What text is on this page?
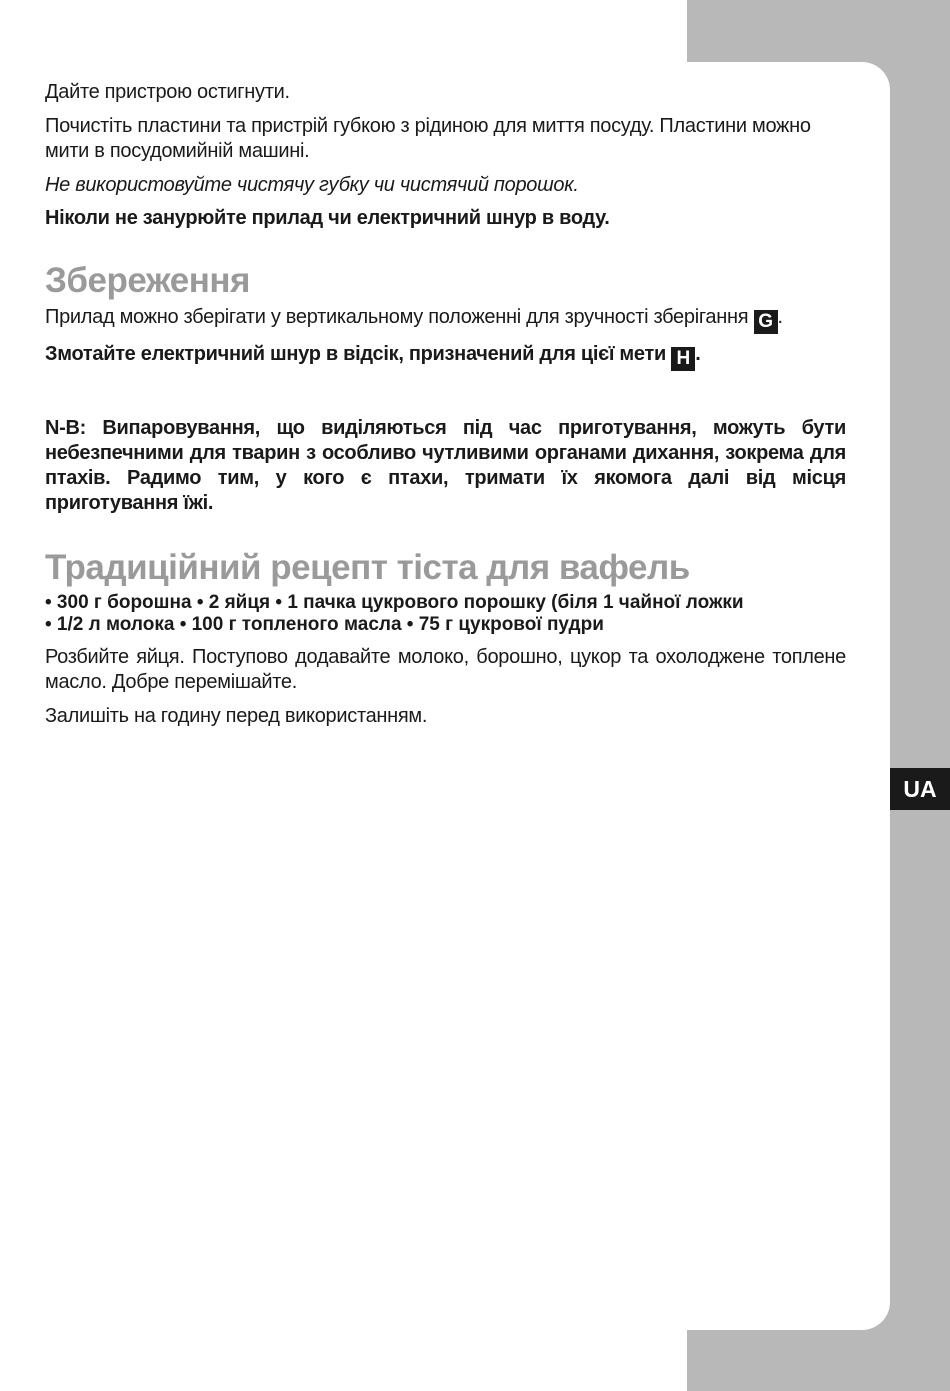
Дайте пристрою остигнути.

Почистіть пластини та пристрій губкою з рідиною для миття посуду. Пластини можно мити в посудомийній машині.

Не використовуйте чистячу губку чи чистячий порошок.

Ніколи не занурюйте прилад чи електричний шнур в воду.

Збереження

Прилад можно зберігати у вертикальному положенні для зручності зберігання G .

Змотайте електричний шнур в відсік, призначений для цієї мети H .

N-B: Випаровування, що виділяються під час приготування, можуть бути небезпечними для тварин з особливо чутливими органами дихання, зокрема для птахів. Радимо тим, у кого є птахи, тримати їх якомога далі від місця приготування їжі.

Традиційний рецепт тіста для вафель

• 300 г борошна • 2 яйця • 1 пачка цукрового порошку (біля 1 чайної ложки

• 1/2 л молока • 100 г топленого масла • 75 г цукрової пудри

Розбийте яйця. Поступово додавайте молоко, борошно, цукор та охолоджене топлене масло. Добре перемішайте.

Залишіть на годину перед використанням.

UA
